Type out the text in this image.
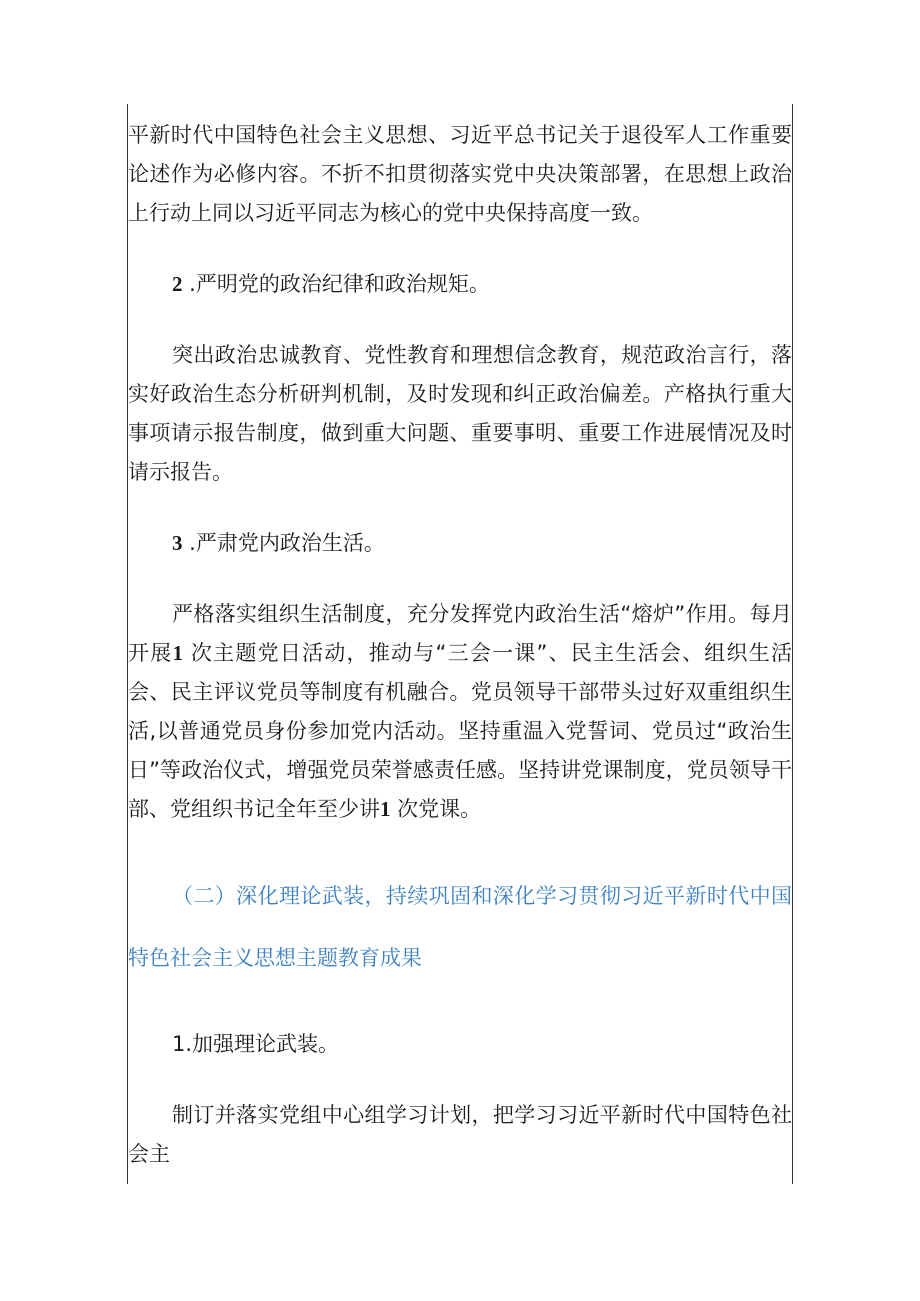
平新时代中国特色社会主义思想、习近平总书记关于退役军人工作重要论述作为必修内容。不折不扣贯彻落实党中央决策部署，在思想上政治上行动上同以习近平同志为核心的党中央保持高度一致。

2 .严明党的政治纪律和政治规矩。

突出政治忠诚教育、党性教育和理想信念教育，规范政治言行，落实好政治生态分析研判机制，及时发现和纠正政治偏差。产格执行重大事项请示报告制度，做到重大问题、重要事明、重要工作进展情况及时请示报告。

3 .严肃党内政治生活。

严格落实组织生活制度，充分发挥党内政治生活“熔炉”作用。每月开展1 次主题党日活动，推动与“三会一课”、民主生活会、组织生活会、民主评议党员等制度有机融合。党员领导干部带头过好双重组织生活,以普通党员身份参加党内活动。坚持重温入党誓词、党员过“政治生日”等政治仪式，增强党员荣誉感责任感。坚持讲党课制度，党员领导干部、党组织书记全年至少讲1 次党课。

（二）深化理论武装，持续巩固和深化学习贯彻习近平新时代中国特色社会主义思想主题教育成果

1.加强理论武装。

制订并落实党组中心组学习计划，把学习习近平新时代中国特色社会主
